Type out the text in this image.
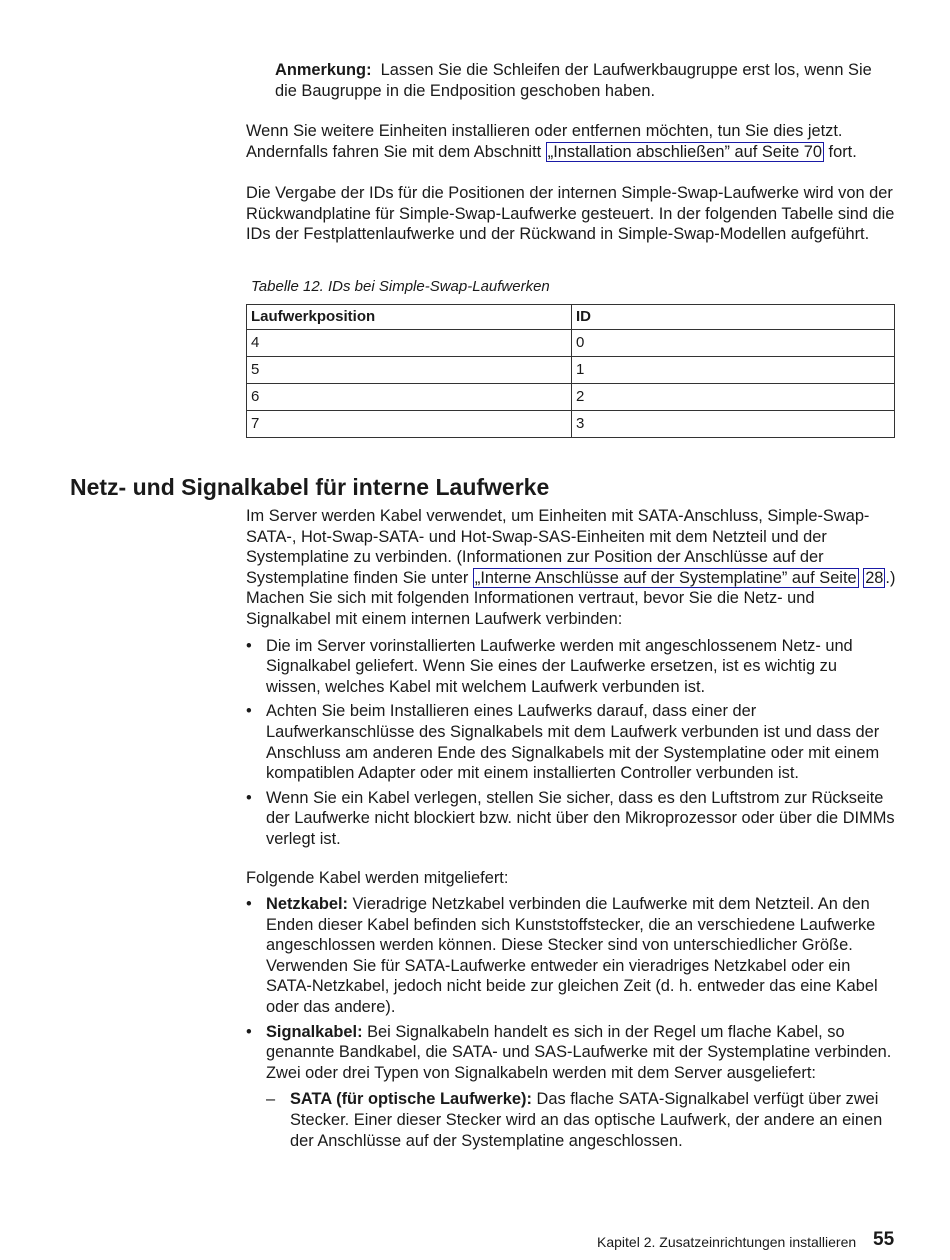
Anmerkung: Lassen Sie die Schleifen der Laufwerkbaugruppe erst los, wenn Sie die Baugruppe in die Endposition geschoben haben.

Wenn Sie weitere Einheiten installieren oder entfernen möchten, tun Sie dies jetzt. Andernfalls fahren Sie mit dem Abschnitt „Installation abschließen” auf Seite 70 fort.

Die Vergabe der IDs für die Positionen der internen Simple-Swap-Laufwerke wird von der Rückwandplatine für Simple-Swap-Laufwerke gesteuert. In der folgenden Tabelle sind die IDs der Festplattenlaufwerke und der Rückwand in Simple-Swap-Modellen aufgeführt.

Tabelle 12. IDs bei Simple-Swap-Laufwerken
Laufwerkposition	ID
4	0
5	1
6	2
7	3
Netz- und Signalkabel für interne Laufwerke

Im Server werden Kabel verwendet, um Einheiten mit SATA-Anschluss, Simple-Swap-SATA-, Hot-Swap-SATA- und Hot-Swap-SAS-Einheiten mit dem Netzteil und der Systemplatine zu verbinden. (Informationen zur Position der Anschlüsse auf der Systemplatine finden Sie unter „Interne Anschlüsse auf der Systemplatine” auf Seite 28 .) Machen Sie sich mit folgenden Informationen vertraut, bevor Sie die Netz- und Signalkabel mit einem internen Laufwerk verbinden:

• Die im Server vorinstallierten Laufwerke werden mit angeschlossenem Netz- und Signalkabel geliefert. Wenn Sie eines der Laufwerke ersetzen, ist es wichtig zu wissen, welches Kabel mit welchem Laufwerk verbunden ist.
• Achten Sie beim Installieren eines Laufwerks darauf, dass einer der Laufwerkanschlüsse des Signalkabels mit dem Laufwerk verbunden ist und dass der Anschluss am anderen Ende des Signalkabels mit der Systemplatine oder mit einem kompatiblen Adapter oder mit einem installierten Controller verbunden ist.
• Wenn Sie ein Kabel verlegen, stellen Sie sicher, dass es den Luftstrom zur Rückseite der Laufwerke nicht blockiert bzw. nicht über den Mikroprozessor oder über die DIMMs verlegt ist.

Folgende Kabel werden mitgeliefert:

• Netzkabel: Vieradrige Netzkabel verbinden die Laufwerke mit dem Netzteil. An den Enden dieser Kabel befinden sich Kunststoffstecker, die an verschiedene Laufwerke angeschlossen werden können. Diese Stecker sind von unterschiedlicher Größe. Verwenden Sie für SATA-Laufwerke entweder ein vieradriges Netzkabel oder ein SATA-Netzkabel, jedoch nicht beide zur gleichen Zeit (d. h. entweder das eine Kabel oder das andere).
• Signalkabel: Bei Signalkabeln handelt es sich in der Regel um flache Kabel, so genannte Bandkabel, die SATA- und SAS-Laufwerke mit der Systemplatine verbinden. Zwei oder drei Typen von Signalkabeln werden mit dem Server ausgeliefert:
– SATA (für optische Laufwerke): Das flache SATA-Signalkabel verfügt über zwei Stecker. Einer dieser Stecker wird an das optische Laufwerk, der andere an einen der Anschlüsse auf der Systemplatine angeschlossen.
Kapitel 2. Zusatzeinrichtungen installieren 55
